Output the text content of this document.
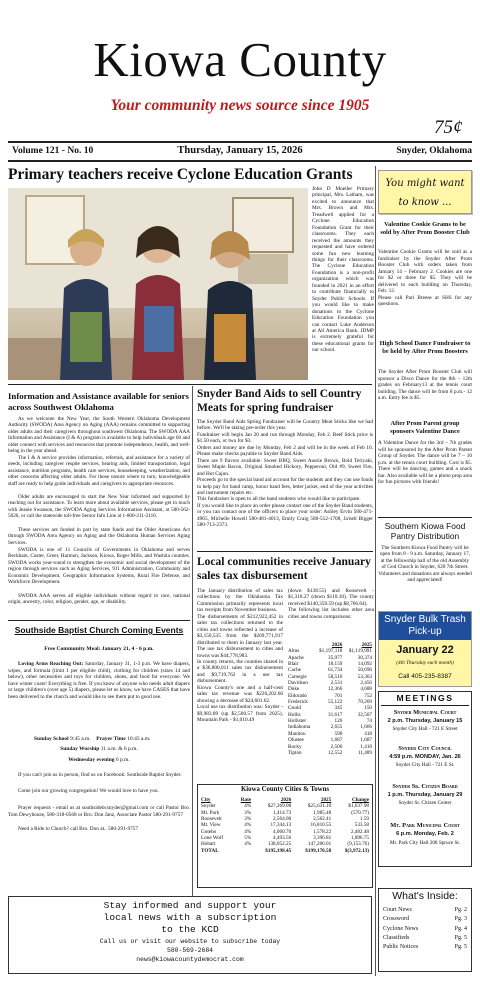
Kiowa County
Your community news source since 1905
75¢
Volume 121 - No. 10	Thursday, January 15, 2026	Snyder, Oklahoma
Primary teachers receive Cyclone Education Grants
John D Moeller Primary principal, Mrs. Latham, was excited to announce that Mrs. Brown and Mrs. Treadwell applied for a Cyclone Education Foundation Grant for their classrooms. They each received the amounts they requested and have ordered some fun new learning things for their classrooms. The Cyclone Education Foundation is a non-profit organization which was founded in 2021 in an effort to contribute financially to Snyder Public Schools. If you would like to make donations to the Cyclone Education Foundation you can contact Luke Anderson at All America Bank. JDMP is extremely grateful for these educational grants for our school.
You might want to know ...
Valentine Cookie Grams to be sold by After Prom Booster Club
Valentine Cookie Grams will be sold as a fundraiser by the Snyder After Prom Booster Club with orders taken from January 14 – February 2. Cookies are one for $2 or three for $5. They will be delivered to each building on Thursday, Feb. 12.
Please call Pari Breese at SHS for any questions.
High School Dance Fundraiser to be held by After Prom Boosters
The Snyder After Prom Booster Club will sponsor a Disco Dance for the 8th – 12th grades on February13 at the tennis court building. The dance will be from 8 p.m.- 12 a.m. Entry fee is $5.
After Prom Parent group sponsors Valentine Dance
A Valentine Dance for the 3rd – 7th grades will be sponsored by the After Prom Parent Group of Snyder. The dance will be 7 – 10 p.m. at the tennis court building. Cost is $5. There will be dancing, games and a snack bar. Also available will be a photo prop area for fun pictures with friends!
Southern Kiowa Food Pantry Distribution
The Southern Kiowa Food Pantry will be open from 8 - 9 a.m. Saturday, January 17, at the fellowship hall of the old Assembly of God Church in Snyder, 620 7th Street.
Volunteers and donations are always needed and appreciated!
Snyder Bulk Trash Pick-up
January 22
(4th Thursday each month)
Call 405-235-8387
MEETINGS
Snyder Municipal Court
2 p.m. Thursday, January 15
Snyder City Hall - 721 E Street
Snyder City Council
4:59 p.m. MONDAY, Jan. 26
Snyder City Hall - 721 E St.
Snyder Sr. Citizen Board
1 p.m. Thursday, January 29
Snyder Sr. Citizen Center
Mt. Park Municipal Court
6 p.m. Monday, Feb. 2
Mt. Park City Hall 208 Spruce St.
What's Inside:
Court News	Pg. 2
Crossword	Pg. 3
Cyclone News	Pg. 4
Classifieds	Pg. 5
Public Notices	Pg. 5
Information and Assistance available for seniors across Southwest Oklahoma
As we welcome the New Year, the South Western Oklahoma Development Authority (SWODA) Area Agency on Aging (AAA) remains committed to supporting older adults and their caregivers throughout southwest Oklahoma. The SWODA AAA Information and Assistance (I & A) program is available to help individuals age 60 and older connect with services and resources that promote independence, health, and well-being in the year ahead.
The I & A service provides information, referrals, and assistance for a variety of needs, including caregiver respite services, hearing aids, limited transportation, legal assistance, nutrition programs, health care services, housekeeping, weatherization, and other concerns affecting older adults. For those unsure where to turn, knowledgeable staff are ready to help guide individuals and caregivers to appropriate resources.
Older adults are encouraged to start the New Year informed and supported by reaching out for assistance. To learn more about available services, please get in touch with Jeanie Swanson, the SWODA Aging Services Information Assistant, at 580-562-5026, or call the statewide toll-free Senior Info Line at 1-800-211-2116.
These services are funded in part by state funds and the Older Americans Act through SWODA Area Agency on Aging and the Oklahoma Human Services Aging Services.
SWODA is one of 11 Councils of Governments in Oklahoma and serves Beckham, Custer, Greer, Harmon, Jackson, Kiowa, Roger Mills, and Washita counties. SWODA works year-round to strengthen the economic and social development of the region through services such as Aging Services, 911 Administration, Community and Economic Development, Geographic Information Systems, Rural Fire Defense, and Workforce Development.
SWODA AAA serves all eligible individuals without regard to race, national origin, ancestry, color, religion, gender, age, or disability.
Southside Baptist Church Coming Events
Free Community Meal: January 21, 4 - 6 p.m.
Loving Arms Reaching Out: Saturday, January 31, 1-3 p.m. We have diapers, wipes, and formula (limit 1 per eligible child), clothing for children (sizes 14 and below), other necessities and toys for children, shoes, and food for everyone. We have winter coats! Everything is free. If you know of anyone who needs adult diapers or large children's (over age 5) diapers, please let us know, we have CASES that have been delivered to the church and would like to see them put to good use.
Sunday School 9:45 a.m. Prayer Time 10:45 a.m.
Sunday Worship 11 a.m. & 6 p.m.
Wednesday evening 6 p.m.
If you can't join us in person, find us on Facebook: Southside Baptist Snyder.
Come join our growing congregation! We would love to have you.
Prayer requests - email us at southsidebcsnyder@gmail.com or call Pastor Bro. Tom Dewyhouse, 580-318-0568 or Bro. Don Janz, Associate Pastor 580-291-9757
Need a Ride to Church? call Bro. Don at.. 580-291-9757
Snyder Band Aids to sell Country Meats for spring fundraiser
The Snyder Band Aids Spring Fundraiser will be Country Meat Sticks like we had before. We'll be taking pre-order this year.
Fundraiser will begin Jan 20 and run through Monday, Feb 2. Beef Stick price is $1.50 each, or two for $3.
Orders and money are due by Monday, Feb 2 and will be in the week of Feb 16. Please make checks payable to Snyder Band Aids.
There are 9 flavors available: Sweet BBQ, Sweet Aussie Brown, Bold Teriyaki, Sweet Maple Bacon, Original Smoked Hickory, Pepperoni, Old #9, Sweet Fire, and Hot Cajun.
Proceeds go to the special band aid account for the students and they can use funds to help pay for band camp, honor band fees, letter jacket, end of the year activities and instrument repairs etc.
This fundraiser is open to all the band students who would like to participate.
If you would like to place an order please contact one of the Snyder Band students, or you can contact one of the officers to place your order: Ashley Ervin 580-471-4965, Michelle Howell 580-481-4013, Emily Craig 580-512-1708, Ja'nell Bigger 580-713-2373.
Local communities receive January sales tax disbursement
The January distribution of sales tax collections by the Oklahoma Tax Commission primarily represents local tax receipts from November business.
The disbursements of $212,922,452 in sales tax collections returned to the cities and towns reflected a increase of $3,150,535 from the $209,771,917 distributed to them in January last year. The use tax disbursement to cities and towns was $44,778,983.
In county returns, the counties shared in a $36,800,011 sales tax disbursement and $9,719,762 in a use tax disbursement.
Kiowa County's one and a half-cent sales tax revenue was $226,202.60 showing a decrease of $24,601.62.
Local use tax distribution was: Snyder - $9,983.89 (up $2,500.57 from 2025), Mountain Park - $1,010.49
(down $138.55) and Roosevelt - $1,318.27 (down $110.10). The county received $140,359.59 (up $8,766.64).
The following list includes other area cities and towns comparisons:
	2026	2025
Altus	$1,197,118	$1,119,991
Apache	35,977	30,374
Blair	18,159	14,092
Cache	61,734	50,696
Carnegie	58,516	53,363
Davidson	2,531	2,456
Duke	12,366	4,688
Eldorado	701	752
Frederick	55,122	70,269
Gould	345	150
Hollis	31,617	32,507
Hollister	126	74
Indiahoma	2,655	1,666
Manitou	590	418
Olustee	1,687	1,687
Rocky	2,506	1,418
Tipton	12,552	11,409
Kiowa County Cities & Towns
City	Rate	2026	2025	Change
Snyder	4%	$27,269.08	$25,631.10	$1,637.98
Mt. Park	3%	1,414.73	1,985.48	(570.77)
Roosevelt	3%	2,564.00	2,562.41	1.59
Mt. View	4%	17,344.13	16,810.55	533.58
Gotebo	4%	4,060.70	1,578.22	2,482.48
Lone Wolf	5%	4,493.56	3,396.81	1,096.75
Hobart	4%	138,052.25	147,206.01	(9,153.76)
TOTAL		$195,198.45	$199,170.58	$(3,972.13)
Stay informed and support your
local news with a subscription
to the KCD
Call us or visit our website to subscribe today
580-569-2684
news@kiowacountydemocrat.com
